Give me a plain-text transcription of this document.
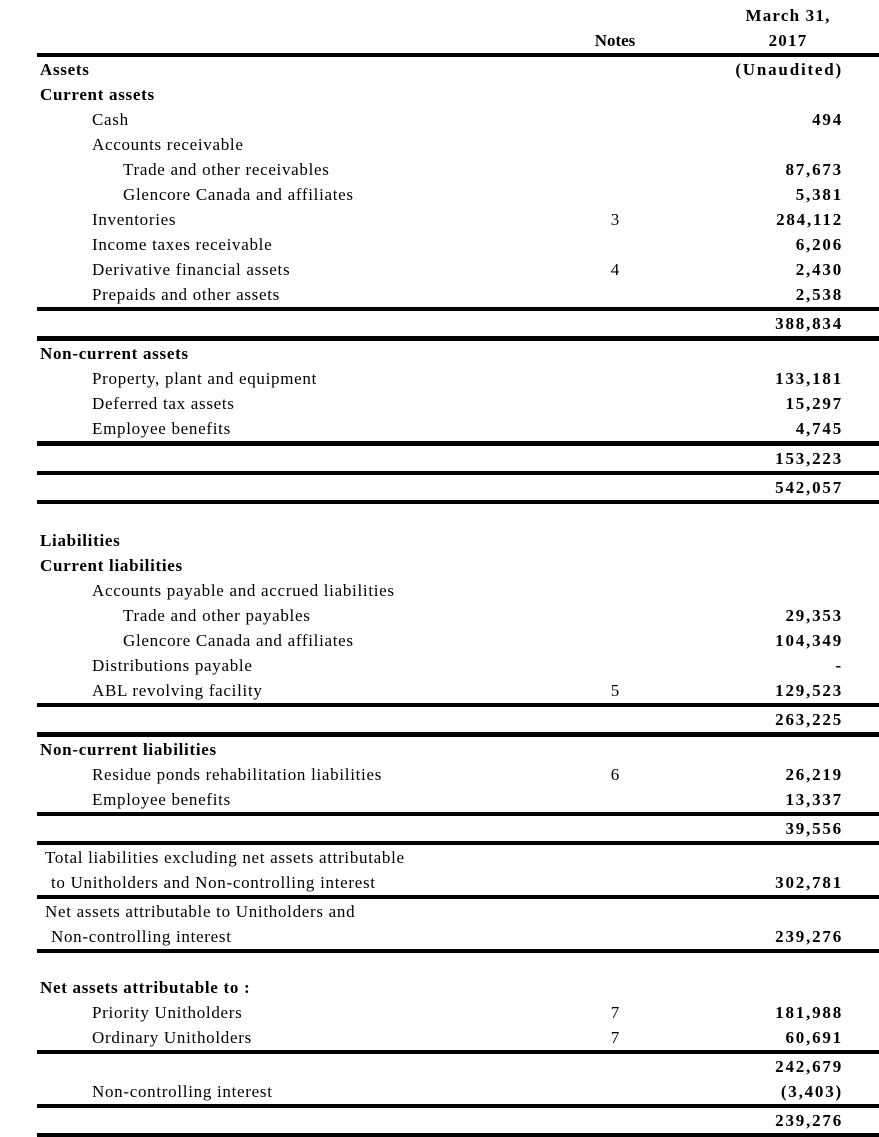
March 31,
Notes	2017
Assets	(Unaudited)
Current assets
Cash	494
Accounts receivable
Trade and other receivables	87,673
Glencore Canada and affiliates	5,381
Inventories	3	284,112
Income taxes receivable	6,206
Derivative financial assets	4	2,430
Prepaids and other assets	2,538
388,834
Non-current assets
Property, plant and equipment	133,181
Deferred tax assets	15,297
Employee benefits	4,745
153,223
542,057
Liabilities
Current liabilities
Accounts payable and accrued liabilities
Trade and other payables	29,353
Glencore Canada and affiliates	104,349
Distributions payable	-
ABL revolving facility	5	129,523
263,225
Non-current liabilities
Residue ponds rehabilitation liabilities	6	26,219
Employee benefits	13,337
39,556
Total liabilities excluding net assets attributable
to Unitholders and Non-controlling interest	302,781
Net assets attributable to Unitholders and
Non-controlling interest	239,276
Net assets attributable to :
Priority Unitholders	7	181,988
Ordinary Unitholders	7	60,691
242,679
Non-controlling interest	(3,403)
239,276
